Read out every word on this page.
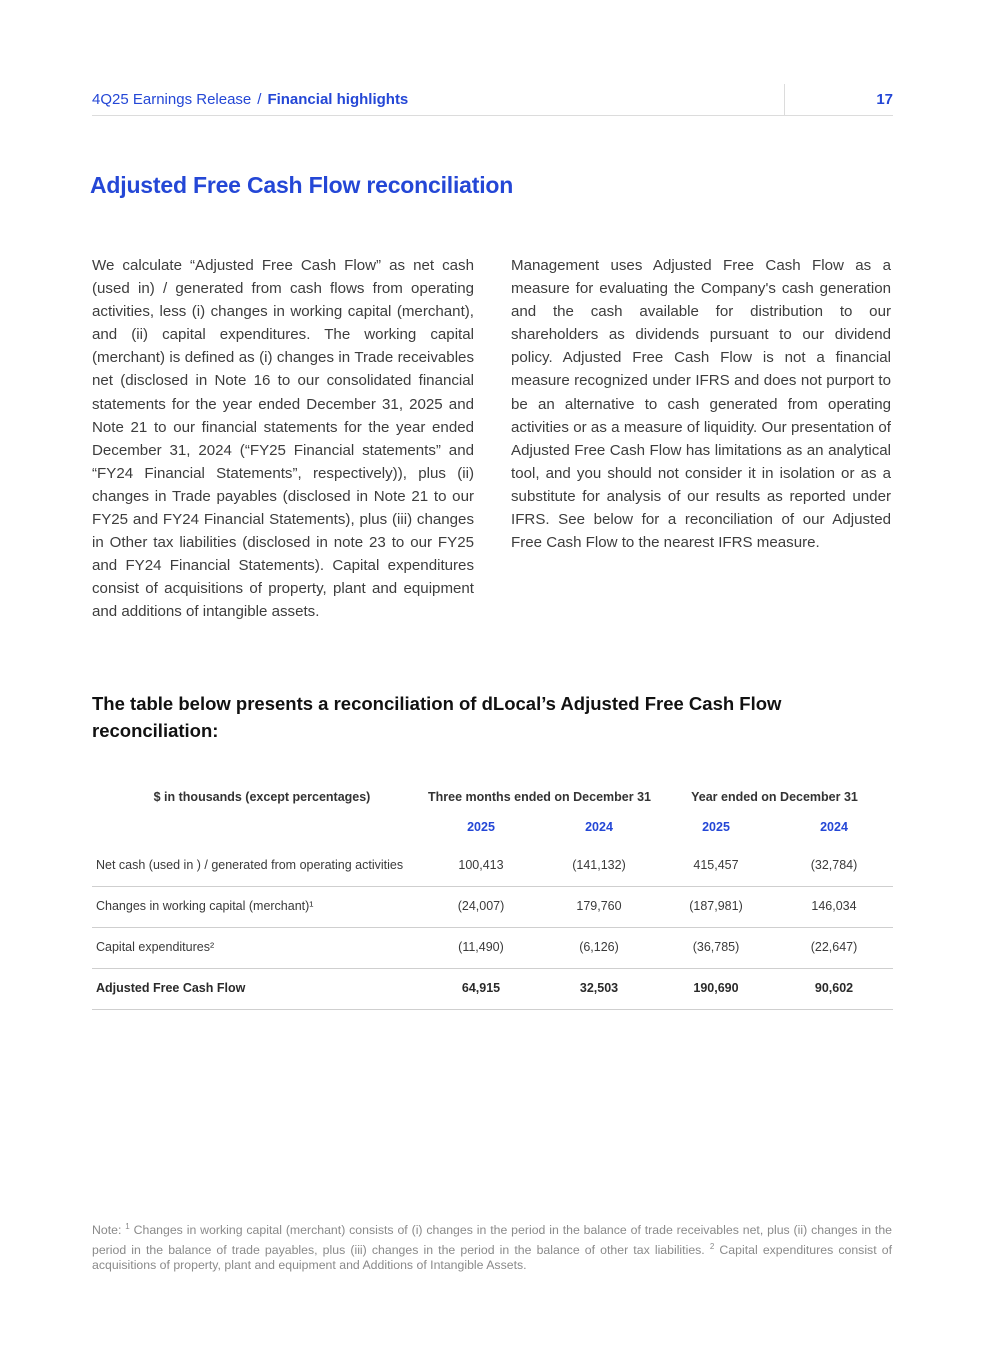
4Q25 Earnings Release / Financial highlights	17
Adjusted Free Cash Flow reconciliation

We calculate “Adjusted Free Cash Flow” as net cash (used in) / generated from cash flows from operating activities, less (i) changes in working capital (merchant), and (ii) capital expenditures. The working capital (merchant) is defined as (i) changes in Trade receivables net (disclosed in Note 16 to our consolidated financial statements for the year ended December 31, 2025 and Note 21 to our financial statements for the year ended December 31, 2024 (“FY25 Financial statements” and “FY24 Financial Statements”, respectively)), plus (ii) changes in Trade payables (disclosed in Note 21 to our FY25 and FY24 Financial Statements), plus (iii) changes in Other tax liabilities (disclosed in note 23 to our FY25 and FY24 Financial Statements). Capital expenditures consist of acquisitions of property, plant and equipment and additions of intangible assets.

Management uses Adjusted Free Cash Flow as a measure for evaluating the Company's cash generation and the cash available for distribution to our shareholders as dividends pursuant to our dividend policy. Adjusted Free Cash Flow is not a financial measure recognized under IFRS and does not purport to be an alternative to cash generated from operating activities or as a measure of liquidity. Our presentation of Adjusted Free Cash Flow has limitations as an analytical tool, and you should not consider it in isolation or as a substitute for analysis of our results as reported under IFRS. See below for a reconciliation of our Adjusted Free Cash Flow to the nearest IFRS measure.

The table below presents a reconciliation of dLocal’s Adjusted Free Cash Flow reconciliation:
$ in thousands (except percentages)	Three months ended on December 31	Year ended on December 31
2025	2024	2025	2024
Net cash (used in ) / generated from operating activities	100,413	(141,132)	415,457	(32,784)
Changes in working capital (merchant)¹	(24,007)	179,760	(187,981)	146,034
Capital expenditures²	(11,490)	(6,126)	(36,785)	(22,647)
Adjusted Free Cash Flow	64,915	32,503	190,690	90,602

Note: $^1$ Changes in working capital (merchant) consists of (i) changes in the period in the balance of trade receivables net, plus (ii) changes in the period in the balance of trade payables, plus (iii) changes in the period in the balance of other tax liabilities. $^2$ Capital expenditures consist of acquisitions of property, plant and equipment and Additions of Intangible Assets.
